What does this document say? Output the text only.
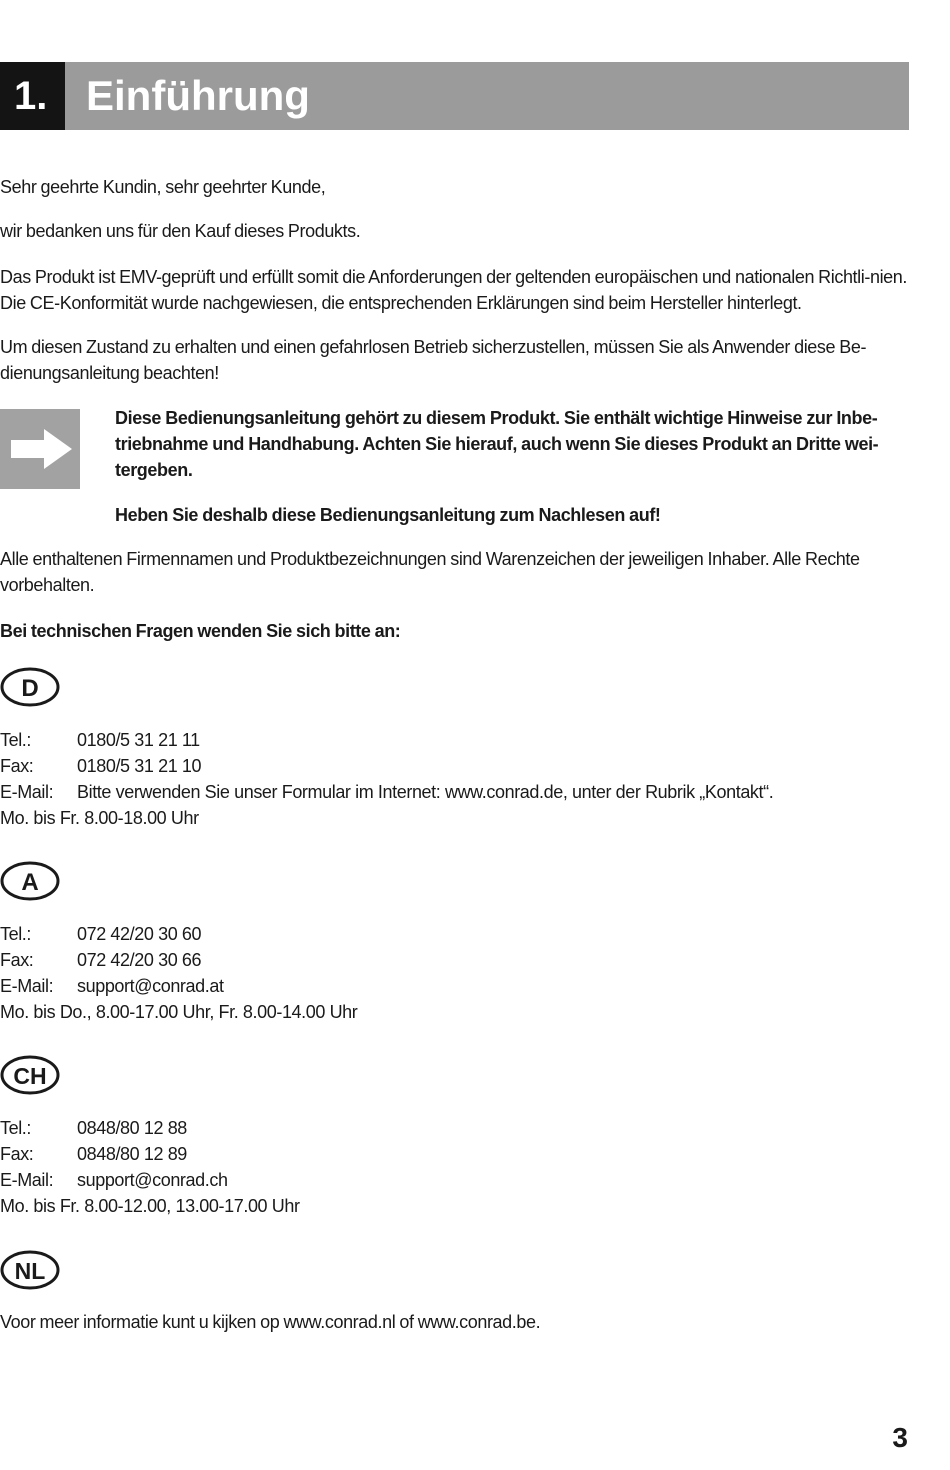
1. Einführung

Sehr geehrte Kundin, sehr geehrter Kunde,

wir bedanken uns für den Kauf dieses Produkts.

Das Produkt ist EMV-geprüft und erfüllt somit die Anforderungen der geltenden europäischen und nationalen Richtli-nien. Die CE-Konformität wurde nachgewiesen, die entsprechenden Erklärungen sind beim Hersteller hinterlegt.

Um diesen Zustand zu erhalten und einen gefahrlosen Betrieb sicherzustellen, müssen Sie als Anwender diese Be-dienungsanleitung beachten!

Diese Bedienungsanleitung gehört zu diesem Produkt. Sie enthält wichtige Hinweise zur Inbe-triebnahme und Handhabung. Achten Sie hierauf, auch wenn Sie dieses Produkt an Dritte wei-tergeben.

Heben Sie deshalb diese Bedienungsanleitung zum Nachlesen auf!

Alle enthaltenen Firmennamen und Produktbezeichnungen sind Warenzeichen der jeweiligen Inhaber. Alle Rechte vorbehalten.

Bei technischen Fragen wenden Sie sich bitte an:

D
Tel.:	0180/5 31 21 11
Fax:	0180/5 31 21 10
E-Mail:	Bitte verwenden Sie unser Formular im Internet: www.conrad.de, unter der Rubrik „Kontakt“.
Mo. bis Fr. 8.00-18.00 Uhr
A
Tel.:	072 42/20 30 60
Fax:	072 42/20 30 66
E-Mail:	support@conrad.at
Mo. bis Do., 8.00-17.00 Uhr, Fr. 8.00-14.00 Uhr
CH
Tel.:	0848/80 12 88
Fax:	0848/80 12 89
E-Mail:	support@conrad.ch
Mo. bis Fr. 8.00-12.00, 13.00-17.00 Uhr
NL

Voor meer informatie kunt u kijken op www.conrad.nl of www.conrad.be.

3
